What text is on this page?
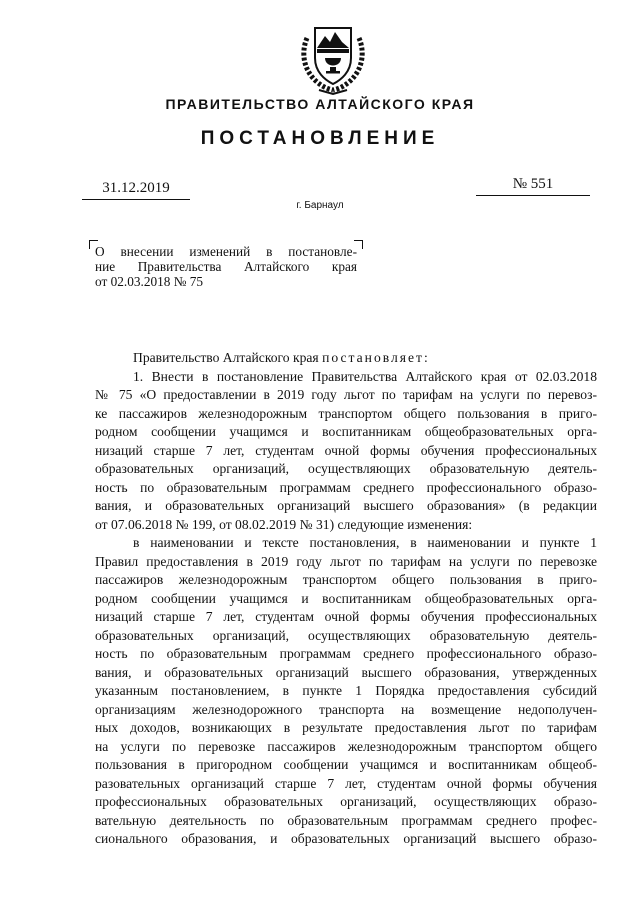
ПРАВИТЕЛЬСТВО АЛТАЙСКОГО КРАЯ
ПОСТАНОВЛЕНИЕ
31.12.2019	№ 551
г. Барнаул
О внесении изменений в постановле-
ние Правительства Алтайского края
от 02.03.2018 № 75
Правительство Алтайского края постановляет:
1. Внести в постановление Правительства Алтайского края от 02.03.2018
№ 75 «О предоставлении в 2019 году льгот по тарифам на услуги по перевоз-
ке пассажиров железнодорожным транспортом общего пользования в пригo-
родном сообщении учащимся и воспитанникам общеобразовательных орга-
низаций старше 7 лет, студентам очной формы обучения профессиональных
образовательных организаций, осуществляющих образовательную деятель-
ность по образовательным программам среднего профессионального образо-
вания, и образовательных организаций высшего образования» (в редакции
от 07.06.2018 № 199, от 08.02.2019 № 31) следующие изменения:
в наименовании и тексте постановления, в наименовании и пункте 1
Правил предоставления в 2019 году льгот по тарифам на услуги по перевозке
пассажиров железнодорожным транспортом общего пользования в приго-
родном сообщении учащимся и воспитанникам общеобразовательных орга-
низаций старше 7 лет, студентам очной формы обучения профессиональных
образовательных организаций, осуществляющих образовательную деятель-
ность по образовательным программам среднего профессионального образо-
вания, и образовательных организаций высшего образования, утвержденных
указанным постановлением, в пункте 1 Порядка предоставления субсидий
организациям железнодорожного транспорта на возмещение недополучен-
ных доходов, возникающих в результате предоставления льгот по тарифам
на услуги по перевозке пассажиров железнодорожным транспортом общего
пользования в пригородном сообщении учащимся и воспитанникам общеоб-
разовательных организаций старше 7 лет, студентам очной формы обучения
профессиональных образовательных организаций, осуществляющих образо-
вательную деятельность по образовательным программам среднего профес-
сионального образования, и образовательных организаций высшего образо-
